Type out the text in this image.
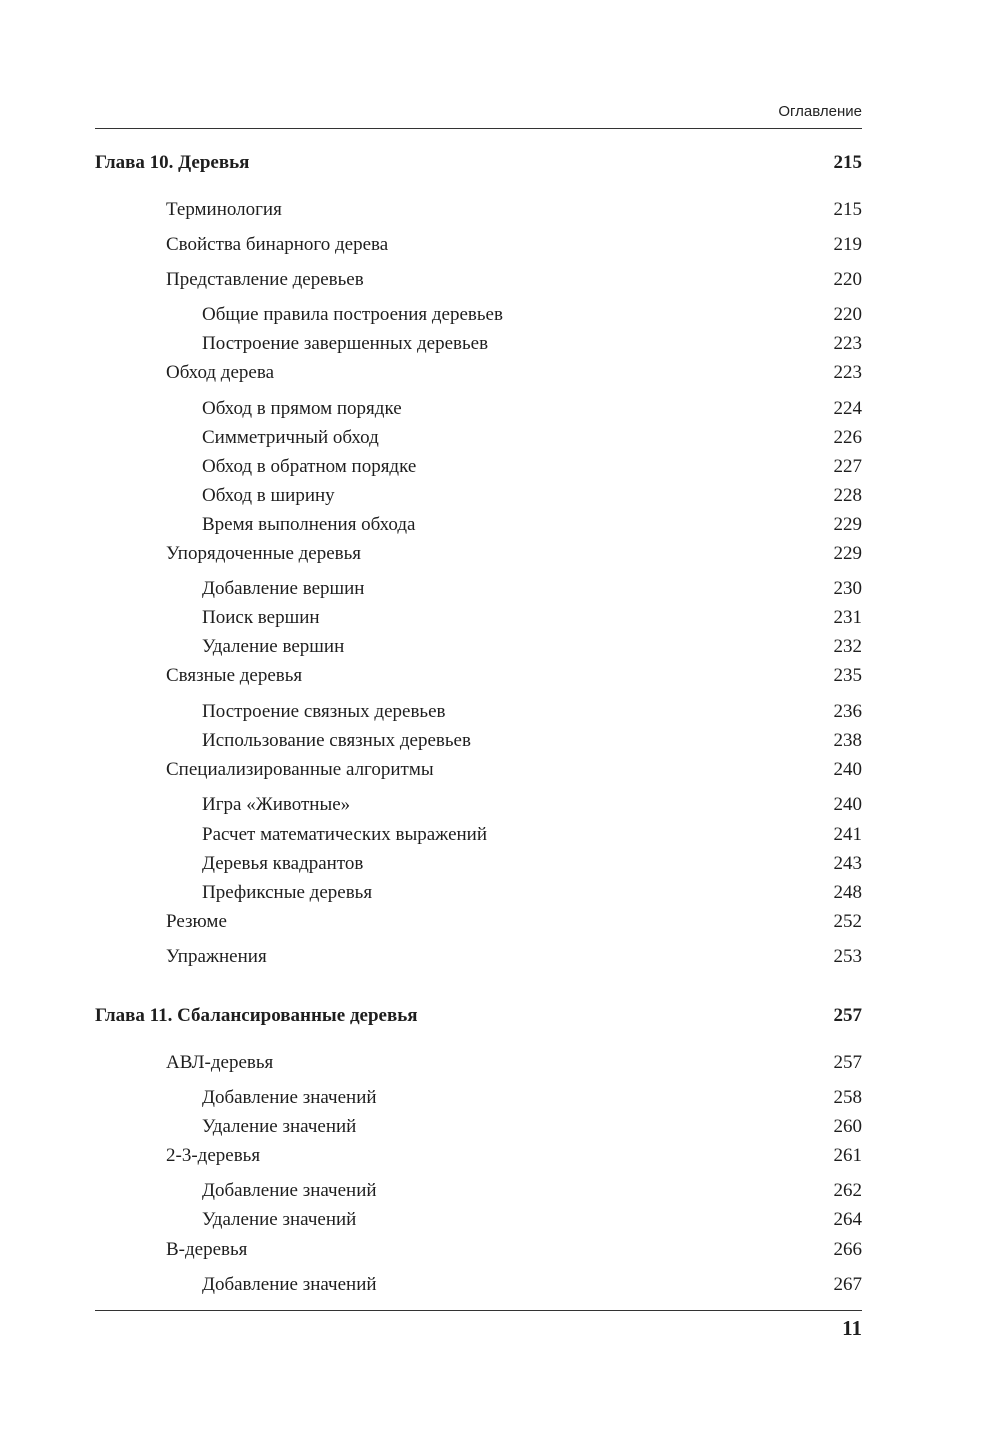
Оглавление
Глава 10. Деревья	215
Терминология	215
Свойства бинарного дерева	219
Представление деревьев	220
Общие правила построения деревьев	220
Построение завершенных деревьев	223
Обход дерева	223
Обход в прямом порядке	224
Симметричный обход	226
Обход в обратном порядке	227
Обход в ширину	228
Время выполнения обхода	229
Упорядоченные деревья	229
Добавление вершин	230
Поиск вершин	231
Удаление вершин	232
Связные деревья	235
Построение связных деревьев	236
Использование связных деревьев	238
Специализированные алгоритмы	240
Игра «Животные»	240
Расчет математических выражений	241
Деревья квадрантов	243
Префиксные деревья	248
Резюме	252
Упражнения	253
Глава 11. Сбалансированные деревья	257
АВЛ-деревья	257
Добавление значений	258
Удаление значений	260
2-3-деревья	261
Добавление значений	262
Удаление значений	264
B-деревья	266
Добавление значений	267
11
